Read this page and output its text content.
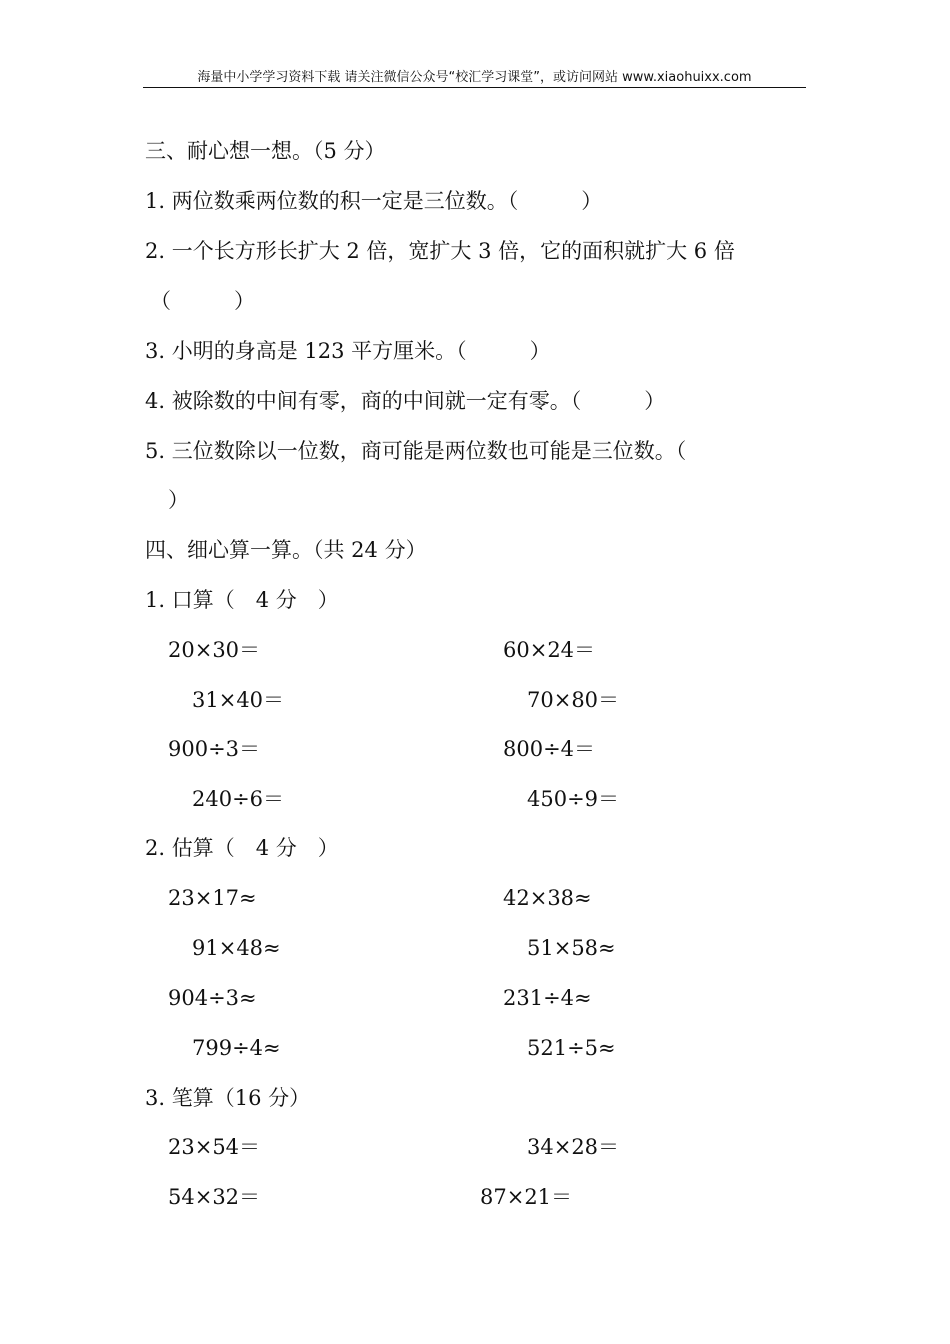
海量中小学学习资料下载 请关注微信公众号“校汇学习课堂”，或访问网站 www.xiaohuixx.com
三、耐心想一想。（5 分）
1. 两位数乘两位数的积一定是三位数。（　　　）
2. 一个长方形长扩大 2 倍，宽扩大 3 倍，它的面积就扩大 6 倍
（　　　）
3. 小明的身高是 123 平方厘米。（　　　）
4. 被除数的中间有零，商的中间就一定有零。（　　　）
5. 三位数除以一位数，商可能是两位数也可能是三位数。（
）
四、细心算一算。（共 24 分）
1. 口算（　4 分　）
20×30＝	60×24＝
31×40＝	70×80＝
900÷3＝	800÷4＝
240÷6＝	450÷9＝
2. 估算（　4 分　）
23×17≈	42×38≈
91×48≈	51×58≈
904÷3≈	231÷4≈
799÷4≈	521÷5≈
3. 笔算（16 分）
23×54＝	34×28＝
54×32＝	87×21＝
